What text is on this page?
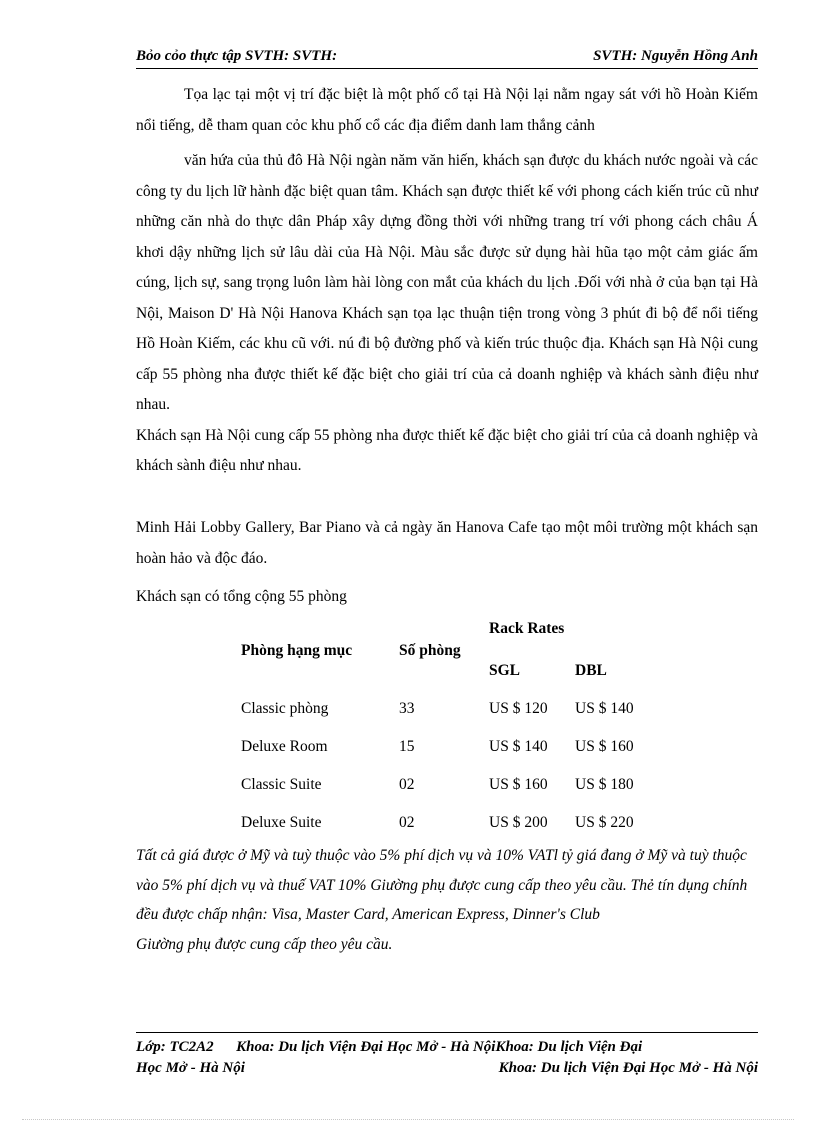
Bỏo cỏo thực tập SVTH: SVTH:	SVTH: Nguyễn Hồng Anh
Tọa lạc tại một vị trí đặc biệt là một phố cổ tại Hà Nội lại nằm ngay sát với hồ Hoàn Kiếm nổi tiếng, dễ tham quan cỏc khu phố cổ các địa điểm danh lam thắng cảnh
văn hứa của thủ đô Hà Nội ngàn năm văn hiến, khách sạn được du khách nước ngoài và các công ty du lịch lữ hành đặc biệt quan tâm. Khách sạn được thiết kế với phong cách kiến trúc cũ như những căn nhà do thực dân Pháp xây dựng đồng thời với những trang trí với phong cách châu Á khơi dậy những lịch sử lâu dài của Hà Nội. Màu sắc được sử dụng hài hũa tạo một cảm giác ấm cúng, lịch sự, sang trọng luôn làm hài lòng con mắt của khách du lịch .Đối với nhà ở của bạn tại Hà Nội, Maison D' Hà Nội Hanova Khách sạn tọa lạc thuận tiện trong vòng 3 phút đi bộ để nổi tiếng Hồ Hoàn Kiếm, các khu cũ với. nú đi bộ đường phố và kiến trúc thuộc địa. Khách sạn Hà Nội cung cấp 55 phòng nha được thiết kế đặc biệt cho giải trí của cả doanh nghiệp và khách sành điệu như nhau.
Khách sạn Hà Nội cung cấp 55 phòng nha được thiết kế đặc biệt cho giải trí của cả doanh nghiệp và khách sành điệu như nhau.
Minh Hải Lobby Gallery, Bar Piano và cả ngày ăn Hanova Cafe tạo một môi trường một khách sạn hoàn hảo và độc đáo.
Khách sạn có tổng cộng 55 phòng
Rack Rates
Phòng hạng mục	Số phòng
SGL	DBL
Classic phòng	33	US $ 120 US $ 140
Deluxe Room	15	US $ 140 US $ 160
Classic Suite	02	US $ 160 US $ 180
Deluxe Suite	02	US $ 200 US $ 220
Tất cả giá được ở Mỹ và tuỳ thuộc vào 5% phí dịch vụ và 10% VATl tỷ giá đang ở Mỹ và tuỳ thuộc vào 5% phí dịch vụ và thuế VAT 10% Giường phụ được cung cấp theo yêu cầu. Thẻ tín dụng chính đều được chấp nhận: Visa, Master Card, American Express, Dinner's Club
Giường phụ được cung cấp theo yêu cầu.
Lớp: TC2A2      Khoa: Du lịch Viện Đại Học Mở - Hà NộiKhoa: Du lịch Viện Đại
Học Mở - Hà Nội	Khoa: Du lịch Viện Đại Học Mở - Hà Nội
